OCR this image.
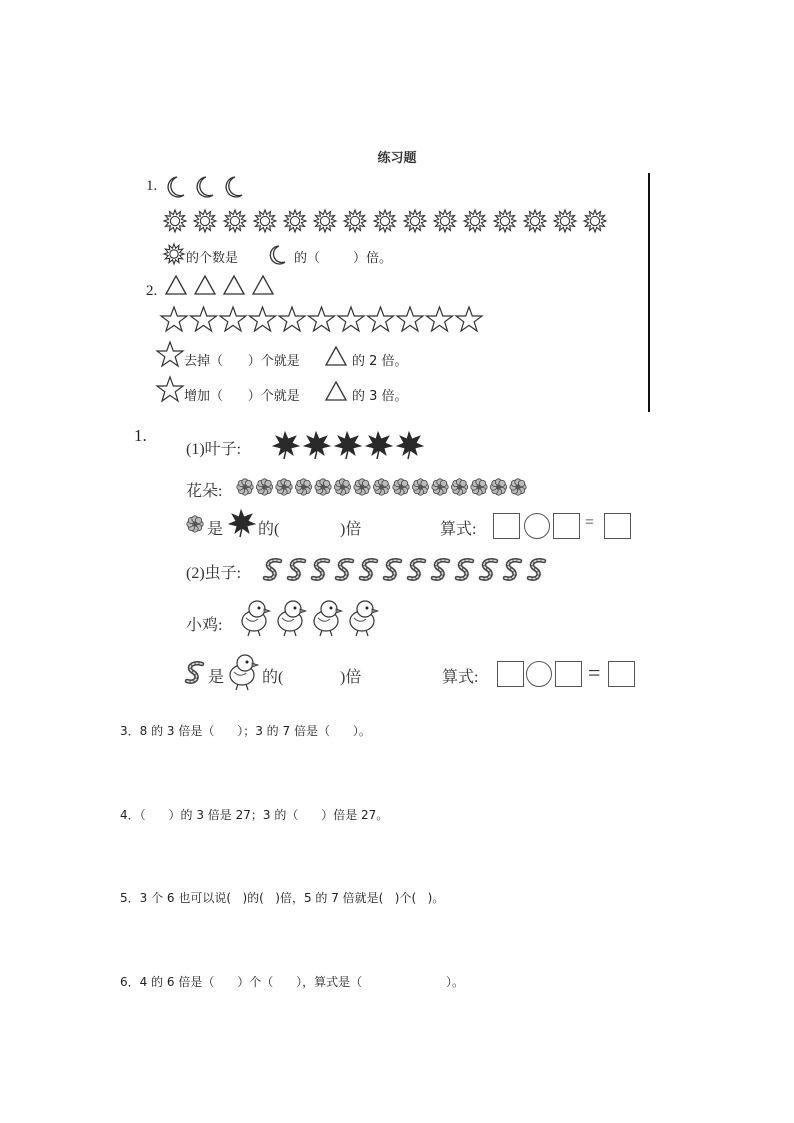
练习题
1.
的个数是	的（        ）倍。
2.
去掉（      ）个就是	的 2 倍。
增加（      ）个就是	的 3 倍。
1.
(1)叶子:
花朵:
是 的(	)倍	算式:	=
(2)虫子:
小鸡:
是 的(	)倍	算式:	=
3．8 的 3 倍是（      ）；3 的 7 倍是（      ）。
4．（      ）的 3 倍是 27；3 的（      ）倍是 27。
5．3 个 6 也可以说(   )的(   )倍，5 的 7 倍就是(   )个(   )。
6．4 的 6 倍是（      ）个（      ），算式是（                      ）。
